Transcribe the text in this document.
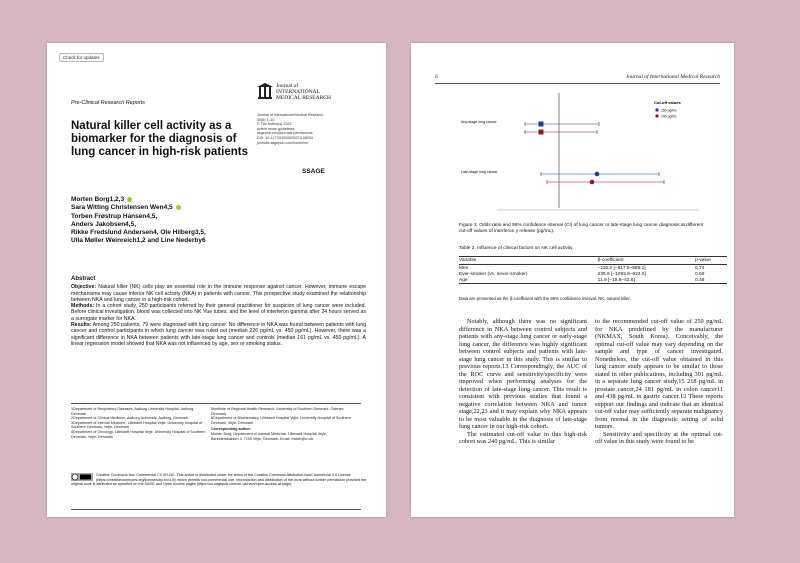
Check for updates
Pre-Clinical Research Reports
Journal of
INTERNATIONAL
MEDICAL RESEARCH
Journal of International Medical Research
50(6) 1–10
© The Author(s) 2022
Article reuse guidelines:
sagepub.com/journals-permissions
DOI: 10.1177/03000605221108934
journals.sagepub.com/home/imr
SSAGE
Natural killer cell activity as a biomarker for the diagnosis of lung cancer in high-risk patients
Morten Borg1,2,3
Sara Witting Christensen Wen4,5
Torben Frøstrup Hansen4,5,
Anders Jakobsen4,5,
Rikke Fredslund Andersen4, Ole Hilberg3,5,
Ulla Møller Weinreich1,2 and Line Nederby6
Abstract
Objective: Natural killer (NK) cells play an essential role in the immune response against cancer. However, immune escape mechanisms may cause inferior NK cell activity (NKA) in patients with cancer. This prospective study examined the relationship between NKA and lung cancer in a high-risk cohort.
Methods: In a cohort study, 250 participants referred by their general practitioner for suspicion of lung cancer were included. Before clinical investigation, blood was collected into NK Vue tubes, and the level of interferon gamma after 24 hours served as a surrogate marker for NKA.
Results: Among 250 patients, 79 were diagnosed with lung cancer. No difference in NKA was found between patients with lung cancer and control participants in which lung cancer was ruled out (median 226 pg/mL vs. 450 pg/mL). However, there was a significant difference in NKA between patients with late-stage lung cancer and controls (median 161 pg/mL vs. 450 pg/mL). A linear regression model showed that NKA was not influenced by age, sex or smoking status.
1Department of Respiratory Diseases, Aalborg University Hospital, Aalborg, Denmark
2Department of Clinical Medicine, Aalborg University, Aalborg, Denmark
3Department of Internal Medicine, Lillebaelt Hospital Vejle, University Hospital of Southern Denmark, Vejle, Denmark
5Department of Oncology, Lillebaelt Hospital Vejle, University Hospital of Southern Denmark, Vejle, Denmark
5Institute of Regional Health Research, University of Southern Denmark, Odense, Denmark
6Department of Biochemistry, Lillebaelt Hospital Vejle, University Hospital of Southern Denmark, Vejle, Denmark
Corresponding author:
Morten Borg, Department of Internal Medicine, Lillebaelt Hospital Vejle, Beriddersbakken 4, 7100 Vejle, Denmark. Email: mokfb@rn.dk
Creative Commons Non Commercial CC BY-NC: This article is distributed under the terms of the Creative Commons Attribution-NonCommercial 4.0 License (https://creativecommons.org/licenses/by-nc/4.0/) which permits non-commercial use, reproduction and distribution of the work without further permission provided the original work is attributed as specified on the SAGE and Open Access pages (https://us.sagepub.com/en-us/nam/open-access-at-sage).
6	Journal of International Medical Research
Any-stage lung cancer
Late-stage lung cancer
Cut-off values
150 pg/mL
240 pg/mL
Figure 3. Odds ratio and 95% confidence interval (CI) of lung cancer or late-stage lung cancer diagnosis at different cut-off values of interferon γ release (pg/mL).
Table 2. Influence of clinical factors on NK cell activity.
Variable	β-coefficient	p-value
Men	−116.2 [−817.5–585.1]	0.74
Ever-smoker (vs. never-smoker)	235.9 [−1093.8–622.0]	0.59
Age	11.9 [−19.9–43.6]	0.46
Data are presented as the β-coefficient with the 95% confidence interval. NK, natural killer.
Notably, although there was no significant difference in NKA between control subjects and patients with any-stage lung cancer or early-stage lung cancer, the difference was highly significant between control subjects and patients with late-stage lung cancer in this study. This is similar to previous reports.13 Correspondingly, the AUC of the ROC curve and sensitivity/specificity were improved when performing analyses for the detection of late-stage lung cancer. This result is consistent with previous studies that found a negative correlation between NKA and tumor stage,22,23 and it may explain why NKA appears to be most valuable in the diagnosis of late-stage lung cancer in our high-risk cohort.
The estimated cut-off value in this high-risk cohort was 240 pg/mL. This is similar
to the recommended cut-off value of 250 pg/mL for NKA predefined by the manufacturer (NKMAX, South Korea). Conceivably, the optimal cut-off value may vary depending on the sample and type of cancer investigated. Nonetheless, the cut-off value obtained in this lung cancer study appears to be similar to those stated in other publications, including 391 pg/mL in a separate lung cancer study,15 218 pg/mL in prostate cancer,24 181 pg/mL in colon cancer11 and 438 pg/mL in gastric cancer.12 These reports support our findings and indicate that an identical cut-off value may sufficiently separate malignancy from normal in the diagnostic setting of solid tumors.
Sensitivity and specificity at the optimal cut-off value in this study were found to be
